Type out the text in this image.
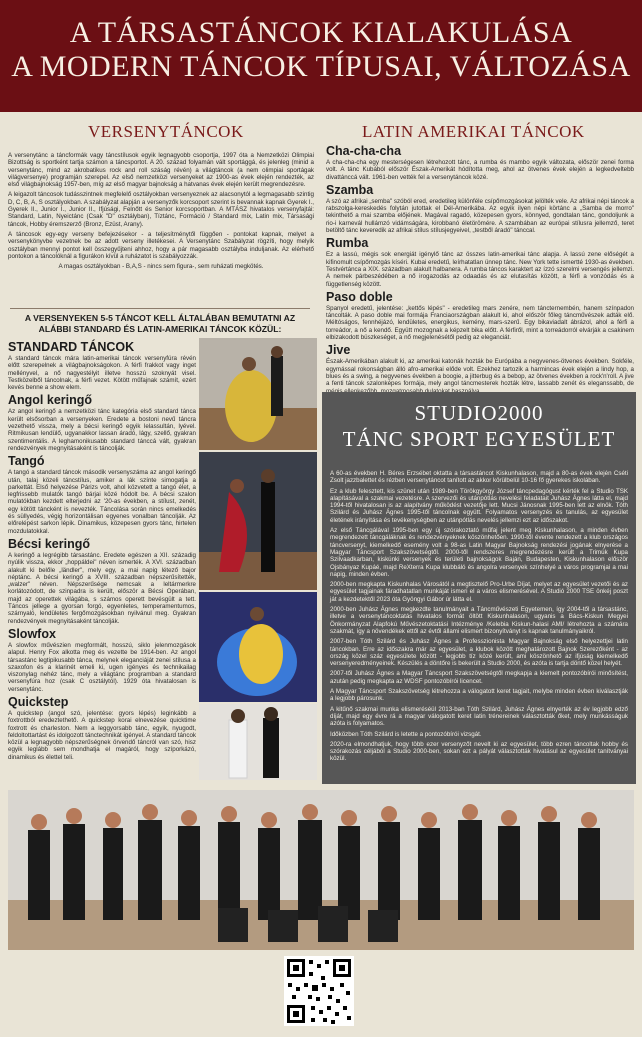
A TÁRSASTÁNCOK KIALAKULÁSA
A MODERN TÁNCOK TÍPUSAI, VÁLTOZÁSA
VERSENYTÁNCOK

A versenytánc a táncformák vagy táncstílusok egyik legnagyobb csoportja, 1997 óta a Nemzetközi Olimpiai Bizottság is sportként tartja számon a táncsportot. A 20. század folyamán vált sportággá, és jelenleg (minid a versenytánc, mind az akrobatikus rock and roll száság révén) a világtáncok (a nem olimpiai sportágak világversenye) programján szerepel. Az első nemzetközi versenyeket az 1900-as évek elején rendezték, az első világbajnokság 1957-ben, míg az első magyar bajnokság a hatvanas évek elején került megrendezésre.

A leigazolt táncosok tudásszintnek megfelelő osztályokban versenyeznek az alacsonytól a legmagasabb szintig D, C, B, A, S osztályokban. A szabályzat alapján a versenyzők korcsoport szerint is bevannak kapnak Gyerek I., Gyerek II., Junior I., Junior II., Ifjúsági, Felnőtt és Senior korcsoportban. A MTÁSZ hivatalos versenyfajtái: Standard, Latin, Nyeictánc (Csak "D" osztályban), Tíztánc, Formáció / Standard mix, Latin mix, Társasági táncok, Hobby éremszerző (Bronz, Ezüst, Arany).

A táncosok egy-egy verseny befejezésekor - a teljesítménytől függően - pontokat kapnak, melyet a versenykönyvbe vezetnek be az adott verseny illetékesei. A Versenytánc Szabályzat rögzíti, hogy melyik osztályban mennyi pontot kell összegyűjteni ahhoz, hogy a pár magasabb osztályba induljanak. Az elérhető pontokon a táncolóknál a figurákon kívül a ruházatot is szabályozzák.

A magas osztályokban - B,A,S - nincs sem figura-, sem ruházati megkötés.

A VERSENYEKEN 5-5 TÁNCOT KELL ÁLTALÁBAN BEMUTATNI AZ ALÁBBI STANDARD ÉS LATIN-AMERIKAI TÁNCOK KÖZÜL:
STANDARD TÁNCOK

A standard táncok mára latin-amerikai táncok versenyfúra révén előtt szerepelnek a világbajnokságokon. A férfi frakkot vagy inget mellényvel, a nő nagyestélyit illetve hosszú szoknyát visel. Testközelből táncolnak, a férfi vezet. Kötött műfajnak számít, ezért kevés benne a show elem.

Angol keringő

Az angol keringő a nemzetközi tánc kategória első standard tánca került elsősorban a versenyeken. Eredete a bostoni nevű táncra vezethető vissza, mely a bécsi keringő egyik lelassultán, lyével. Ritmikusan lendülő, ugyanakkor lassan áradó, lágy, szellő, gyakran szentimentális. A leghamonikusabb standard tánccá vált, gyakran rendezvények megnyitásaként is táncolják.

Tangó

A tangó a standard táncok második versenyszáma az angol keringő után, talaj közeli táncstílus, amiker a lák színte simogatja a parkettát. Első helyezése Párizs volt, ahol közvetett a tangó élet, a legfrissebb mulatók tangó bárjai közé hódolt be. A bécsi szalon mulatókban kezdett elterjedni az '20-as években, a stílust, zenét, egy kötött táncként is nevezték. Táncolása során nincs emelkedés és süllyedés, végig horizontálisan egyenes vonalban táncolják. Az előrelépést sarkon lépik. Dinamikus, közepesen gyors tánc, hirtelen mozdulatokkal.

Bécsi keringő

A keringő a legrégibb társastánc. Eredete egészen a XII. századig nyúlik vissza, ekkor „hoppáldei" néven ismerték. A XVI. században alakult ki belőle „ländler", mely egy, a mai napig létező bajor néptánc. A bécsi keringő a XVIII. században népszerűsítették, „walzer" néven. Népszerűsége nemcsak a leltármerkre korlátozódott, de szinpadra is került, először a Bécsi Operában, majd az operettek világába, s számos operett bevésgült a tett. Táncos jellege a gyorsan forgó, egyenletes, temperamentumos, szárnyaló, lendületes fergőmozgásokban nyilvánul meg. Gyakran rendezvények megnyitásaként táncolják.

Slowfox

A slowfox művészien megformált, hosszú, siklo jelenmozgások alapul. Henry Fox alkotta meg és vezette be 1914-ben. Az angol társastánc legtipikusabb tánca, melynek eleganciáját zenei stílusa a szaxofon és a klarinét emeli ki, ugen igényes és technikailag viszonylag nehéz tánc, mely a világtánc programban a standard versenyfúra hoz (csak C osztálytól). 1929 óta hivatalosan is versenytánc.

Quickstep

A quickstep (angol szó, jelentése: gyors lépés) leginkább a foxtrottból eredeztethető. A quickstep korai elnevezése quicktime foxtrott és charleston. Nem a leggyorsabb tánc, egyik, nyugodt, feldoltottartást és idolgozott tánctechnikát igényel. A standard táncok közül a legnagyobb népszerűségnek örvendő táncról van szó, hisz egyik leglább sem mondhatja el magáról, hogy szíporkázó, dinamikus és élettel teli.

LATIN AMERIKAI TÁNCOK
Cha-cha-cha

A cha-cha-cha egy mesterségesen létrehozott tánc, a rumba és mambo egyik változata, először zenei forma volt. A tánc Kubából először Észak-Amerikát hódította meg, ahol az ötvenes évek elején a legkedveltebb divattánccá vált. 1961-ben vették fel a versenytáncok közé.

Szamba

A szó az afrikai „semba" szóból ered, eredetileg különféle csípőmozgásokat jelölték vele. Az afrikai népi táncok a rabszolga-kereskedés folytán jutottak el Dél-Amerikába. Az egyik ilyen népi körtánc a „Samba de morro" tekinthető a mai szamba előjének. Magával ragadó, közepesen gyors, könnyed, gondtalan tánc, gondoljunk a rio-i karnevál hullámzó vidámságára, kirobbanó életörömére. A szambában az európai stílusra jellemző, teret betöltő tánc keveredik az afrikai stílus stílusjegyeivel, „testből áradó" tánccal.

Rumba

Ez a lassú, mégis sok energiát igénylő tánc az összes latin-amerikai tánc alapja. A lassú zene előségét a kifinomult csípőmozgás kíséri. Kubai eredetű, leírhatatlan ünnep tánc. New York tette ismertté 1930-as években. Testvértánca a XIX. században alakult halbanera. A rumba táncos karaktert az ízzó szerelmi versengés jellemzi. A nemek párbeszédében a nő irogazodás az odaadás és az elutasítás között, a férfi a vonzódás és a függetlenség között.

Paso doble

Spanyol eredetű, jelentése: „kettős lépés" - eredetileg mars zenére, nem táncternembén, hanem színpadon táncolták. A paso doble mai formája Franciaországban alakult ki, ahol először főleg táncművészek adták elő. Méltóságos, fennhéjázó, lendületes, energikus, kemény, mars-szerű. Egy bikaviadalt ábrázol, ahol a férfi a torreádor, a nő a kendő. Együtt mozognak a képzelt bika előtt. A férfiről, mint a torreádorról elvárják a csakinem elbizakodott büszkeséget, a nő megjelenésétől pedig az eleganciát.

Jive

Észak-Amerikában alakult ki, az amerikai katonák hozták be Európába a negyvenes-ötvenes években. Sokféle, egymással rokonságban álló afro-amerikai előde volt. Ezekhez tartozik a harmincas évek elején a lindy hop, a blues és a swing, a negyvenes években a boogie, a jitterbug és a bebop, az ötvenes években a rock'n'roll. A jive a fenti táncok szalonképes formája, mely angol táncmesterek hozták létre, lassabb zenét és eleganssabb, de

STUDIO2000
TÁNC SPORT EGYESÜLET

A 60-as években H. Béres Erzsébet oktatta a társastáncot Kiskunhalason, majd a 80-as évek elején Cséti Zsolt jazzbalettet és rézben versenytáncot tanított az akkor körülbelül 10-16 fő gyerekes iskolában.

Ez a klub felesztett, kis szünet után 1989-ben Törökgyörgy József táncpedagógust kérték fel a Studio TSK alapításával a szakmai vezetésre. A szervezői és utánpótlás nevelési feladatait Juhász Ágnes látta el, majd 1994-től hivatalosan is az alapítvány működést vezetője lett. Mucsi Jánosnak 1995-ben lett az elnök. Tóth Szilárd és Juhász Ágnes 1995-től táncolnak együtt. Folyamatos versenyzés és tanulás, az egyesület életének irányítása és tevékenységben az utánpótlás nevelés jellemzi ezt az időszakot.

Az első Táncgálával 1995-ben egy új szórakoztató műfaj jelent meg Kiskunhalason, a minden évben megrendezett táncgáláknak és rendezvényeknek köszönhetően. 1990-től évente rendezett a klub országos táncversenyt, kiemelkedő esemény volt a 98-as Latin Magyar Bajnokság rendezési jogának elnyerése a Magyar Táncsport Szakszövetségtől. 2000-től rendszeres megrendezésre került a Trimúk Kupa Szilvaadkarban, kiskúnki versenyek és területi bajnokságok Baján, Budapesten, Kiskunhalason először Ojsbányaz Kupáé, majd ReXterra Kupa klubbáló és angolra versenyek színhelyé a város programjai a mai napig, minden évben.

2000-ben megkapta Kiskunhalas Városától a megtisztelő Pro-Urbe Díjat, melyet az egyesület vezetői és az egyesület tagjainak fáradhatatlan munkáját ismeri el a város elismerésével. A Studió 2000 TSE önkéj poszt ját a kezdetektől 2023 óta Gyöngyi Gábor úr látta el.

2000-ben Juhász Ágnes megkezdte tanulmányait a Táncművészeti Egyetemen, így 2004-től a társastánc, illetve a versenytáncoktatás hivatalos formát öltött Kiskunhalason, ugyanis a Bács-Kiskun Megyei Önkormányzat Alapfokú Művészetoktatási Intézménye /Kelebia Kiskun-halasi AMI/ létrehozta a számára szakmát, így a növendékek ettől az évtől állami elismert bizonyítványt is kapnak tanulmányaikról.

2007-ben Tóth Szilárd és Juhász Ágnes a Professzionista Magyar Bajnokság első helyezettjei latin táncokban. Erre az időszakra már az egyesület, a klubok között meghatározott Bajnok Szerezőként - az ország közel száz egyesülete között - legjobb tíz közé került, ami köszönhető az ifjúság kiemelkedő versenyeredményeinek. Készülés a döntőre is bekerült a Studio 2000, és azóta is tartja döntő közel helyét.

2007-től Juhász Ágnes a Magyar Táncsport Szakszövetségtől megkapja a kiemelt pontozóbírói minősítést, azután pedig megkapta az WDSF pontozóbírói licencet.

A Magyar Táncsport Szakszövetség létrehozza a válogatott keret tagjait, melybe minden évben kiválasztják a legjobb párosunk.

A kitűnő szakmai munka elismeréséül 2013-ban Tóth Szilárd, Juhász Ágnes elnyerték az év legjobb edző díját, majd egy évre rá a magyar válogatott keret latin trénereinek választották őket, mely munkásságuk azóta is folyamatos.

Időközben Tóth Szilárd is letette a pontozóbírói vizsgát.

2020-ra elmondhatjuk, hogy több ezer versenyzőt nevelt ki az egyesület, több ezren táncoltak hobby és szórakozás céljából a Studio 2000-ben, sokan ezt a pályát választották hivatásul az egyesület tanítványai közül.
